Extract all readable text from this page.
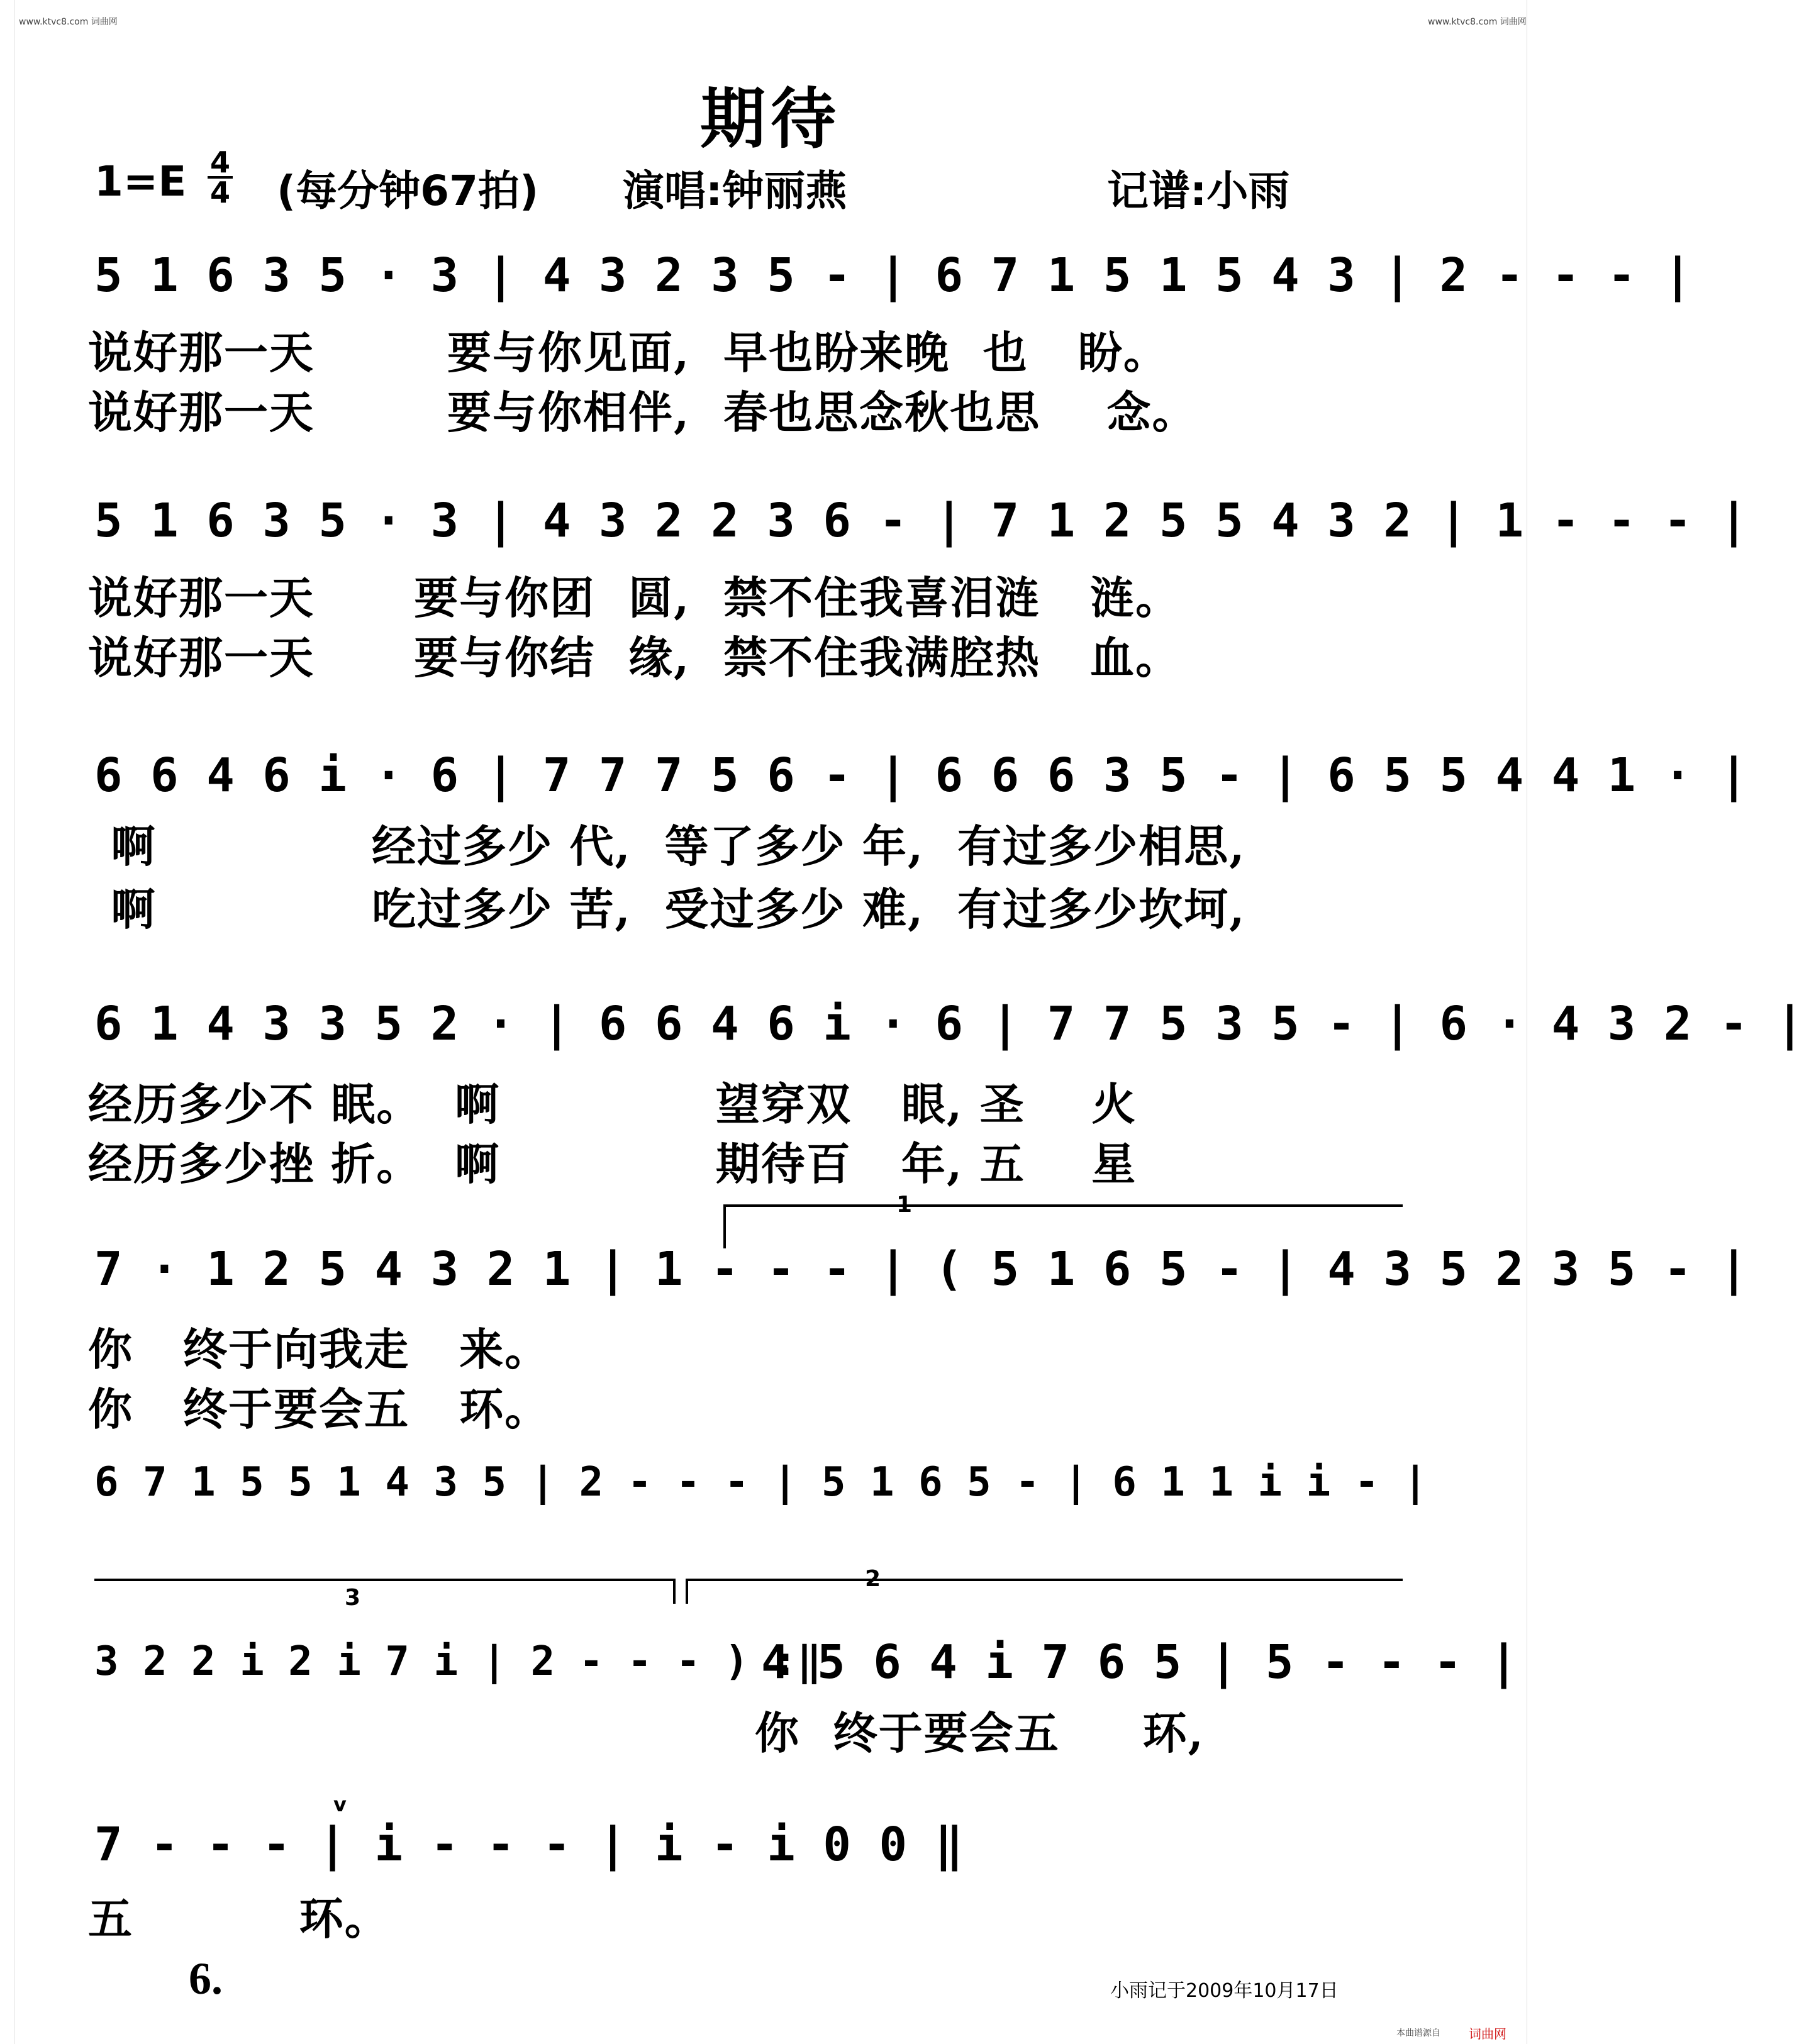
www.ktvc8.com 词曲网	www.ktvc8.com 词曲网
期待
1=E 4
4 (每分钟67拍) 演唱:钟丽燕	记谱:小雨
5 1 6 3 5 · 3 | 4 3 2 3 5 - | 6 7 1 5 1 5 4 3 | 2 - - - |
说好那一天        要与你见面,  早也盼来晚  也   盼。
说好那一天        要与你相伴,  春也思念秋也思    念。
5 1 6 3 5 · 3 | 4 3 2 2 3 6 - | 7 1 2 5 5 4 3 2 | 1 - - - |
说好那一天      要与你团  圆,  禁不住我喜泪涟   涟。
说好那一天      要与你结  缘,  禁不住我满腔热   血。
6 6 4 6 i · 6 | 7 7 7 5 6 - | 6 6 6 3 5 - | 6 5 5 4 4 1 · |
啊             经过多少 代,  等了多少 年,  有过多少相思,
啊             吃过多少 苦,  受过多少 难,  有过多少坎坷,
6 1 4 3 3 5 2 · | 6 6 4 6 i · 6 | 7 7 5 3 5 - | 6 · 4 3 2 - |
经历多少不 眠。  啊             望穿双   眼, 圣    火
经历多少挫 折。  啊             期待百   年, 五    星
1
7 · 1 2 5 4 3 2 1 | 1 - - - | ( 5 1 6 5 - | 4 3 5 2 3 5 - |
你   终于向我走   来。
你   终于要会五   环。
6 7 1 5 5 1 4 3 5 | 2 - - - | 5 1 6 5 - | 6 1 1 i i - |
2
3
3 2 2 i 2 i 7 i | 2 - - - ) :‖
4 5 6 4 i 7 6 5 | 5 - - - |
你  终于要会五     环,
v
7 - - - | i - - - | i - i 0 0 ‖
五          环。
6.	小雨记于2009年10月17日
本曲谱源自 词曲网
